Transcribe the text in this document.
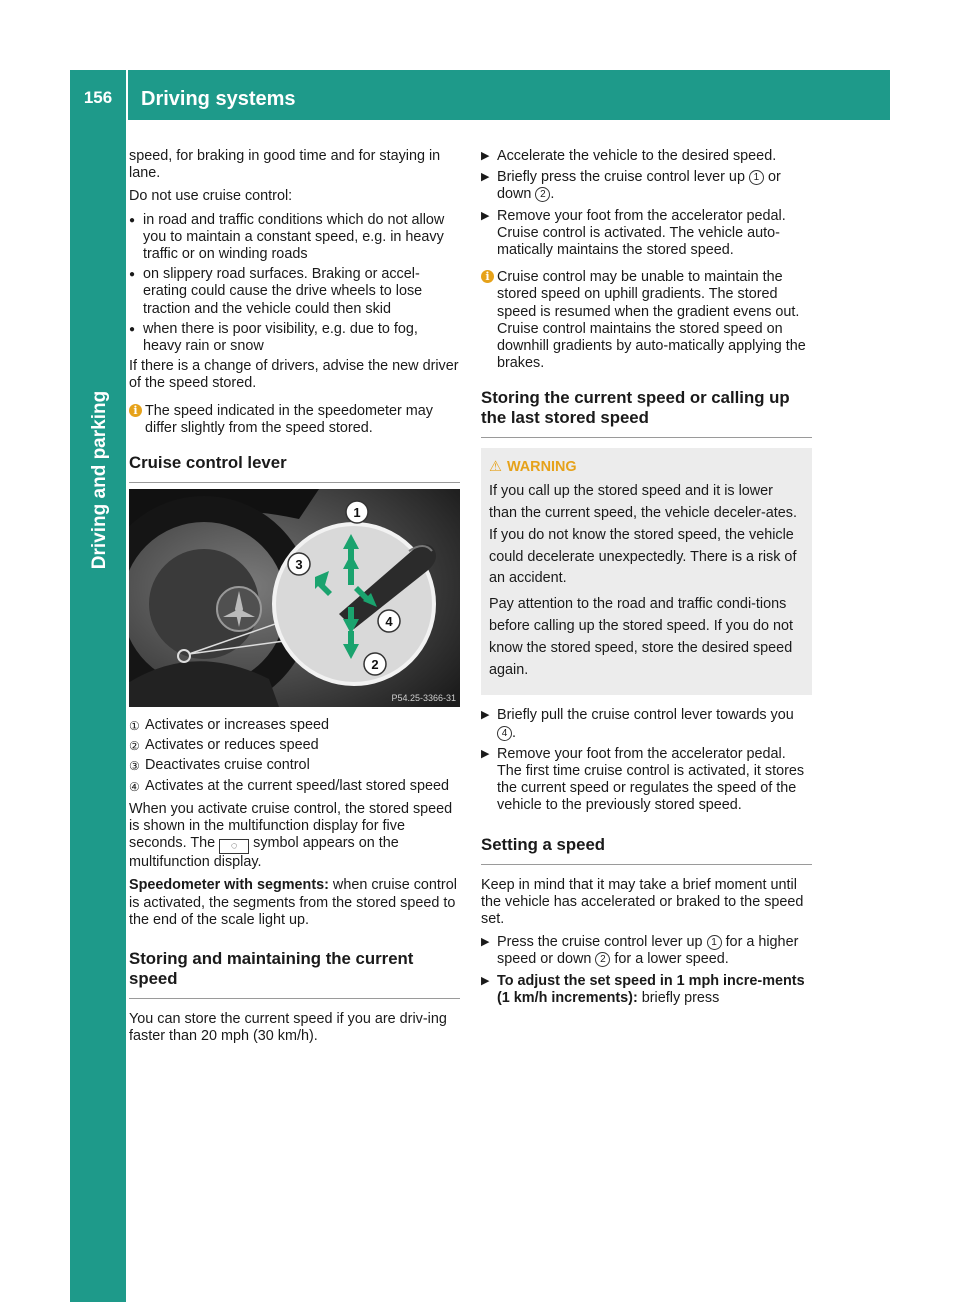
156	Driving systems
Driving and parking

speed, for braking in good time and for staying in lane.

Do not use cruise control:

● in road and traffic conditions which do not allow you to maintain a constant speed, e.g. in heavy traffic or on winding roads
● on slippery road surfaces. Braking or accel-erating could cause the drive wheels to lose traction and the vehicle could then skid
● when there is poor visibility, e.g. due to fog, heavy rain or snow

If there is a change of drivers, advise the new driver of the speed stored.

i The speed indicated in the speedometer may differ slightly from the speed stored.
Cruise control lever
1
3
4
2
P54.25-3366-31
① Activates or increases speed
② Activates or reduces speed
③ Deactivates cruise control
④ Activates at the current speed/last stored speed

When you activate cruise control, the stored speed is shown in the multifunction display for five seconds. The ◌ symbol appears on the multifunction display.

Speedometer with segments: when cruise control is activated, the segments from the stored speed to the end of the scale light up.

Storing and maintaining the current speed

You can store the current speed if you are driv-ing faster than 20 mph (30 km/h).

▶ Accelerate the vehicle to the desired speed.
▶ Briefly press the cruise control lever up 1 or down 2 .
▶ Remove your foot from the accelerator pedal. Cruise control is activated. The vehicle auto-matically maintains the stored speed.
i Cruise control may be unable to maintain the stored speed on uphill gradients. The stored speed is resumed when the gradient evens out. Cruise control maintains the stored speed on downhill gradients by auto-matically applying the brakes.
Storing the current speed or calling up the last stored speed
⚠ WARNING

If you call up the stored speed and it is lower than the current speed, the vehicle deceler-ates. If you do not know the stored speed, the vehicle could decelerate unexpectedly. There is a risk of an accident.

Pay attention to the road and traffic condi-tions before calling up the stored speed. If you do not know the stored speed, store the desired speed again.

▶ Briefly pull the cruise control lever towards you 4 .
▶ Remove your foot from the accelerator pedal. The first time cruise control is activated, it stores the current speed or regulates the speed of the vehicle to the previously stored speed.
Setting a speed

Keep in mind that it may take a brief moment until the vehicle has accelerated or braked to the speed set.

▶ Press the cruise control lever up 1 for a higher speed or down 2 for a lower speed.
▶ To adjust the set speed in 1 mph incre-ments (1 km/h increments): briefly press
